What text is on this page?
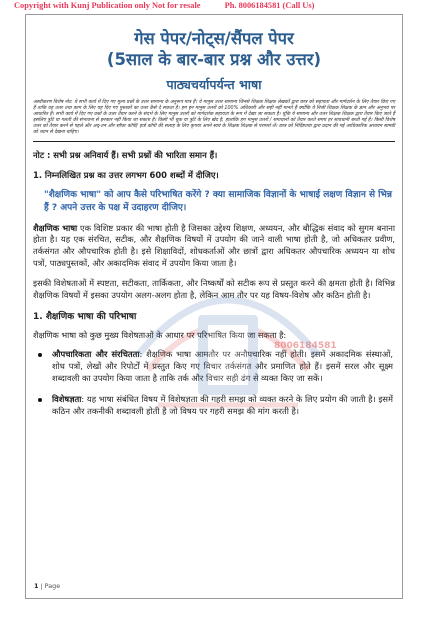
Copyright with Kunj Publication only Not for resale	Ph. 8006184581 (Call Us)
गेस पेपर/नोट्स/सैंपल पेपर
(5साल के बार-बार प्रश्न और उत्तर)
पाठ्यचर्यापर्यन्त भाषा
अस्वीकरण विशेष नोट: ये सभी कार्य में दिए गए मूल्य प्रश्नों के उत्तर सामान्य के अनुरूप मात्र हैं। ये मानुस उत्तर सामान्य जिनसे शिक्षक शिक्षक लेखकों द्वारा छात्र को सहायता और मार्गदर्शन के लिए तैयार किए गए हैं ताकि वह उत्तर तथा काम के लिए यह दिए गए पुस्तकों का उत्तर कैसे दे सकता है। हम इन मानुस उत्तरों को 100% अधिकारी और सही नहीं मानते हैं क्योंकि ये निजी शिक्षक शिक्षक के ज्ञान और अनुभव पर आधारित हैं। सभी कार्य में दिए गए प्रश्नों के उत्तर तैयार करने के संदर्भ के लिए मानुस उत्तरों को मार्गदर्शक सहायता के रूप में देखा जा सकता है। चूंकि ये सामान्य और उत्तर शिक्षक शिक्षक द्वारा तैयार किए जाते हैं इसलिए त्रुटि या गलती की संभावना से इनकार नहीं किया जा सकता है। किसी भी चूक या त्रुटि के लिए खेद है, हालांकि हम मानुस उत्तरों / समाधानों को तैयार करते समय हर सावधानी बरती गई है। किसी विशेष उत्तर को तैयार करने से पहले और अद्-तन और सॉफ्ट कॉपी/ हार्ड कॉपी की सलाह के लिए कृपया अपने स्वयं के शिक्षक शिक्षक से परामर्श लें। छात्र को निर्दिष्टतया द्वारा प्रदान की गई आधिकारिक अध्ययन सामग्री को ध्यान से देखना चाहिए।
नोट : सभी प्रश्न अनिवार्य हैं। सभी प्रश्नों की भारिता समान हैं।
1. निम्नलिखित प्रश्न का उत्तर लगभग 600 शब्दों में दीजिए।
"शैक्षणिक भाषा" को आप कैसे परिभाषित करेंगे ? क्या सामाजिक विज्ञानों के भाषाई लक्षण विज्ञान से भिन्न हैं ? अपने उत्तर के पक्ष में उदाहरण दीजिए।
शैक्षणिक भाषा एक विशिष्ट प्रकार की भाषा होती है जिसका उद्देश्य शिक्षण, अध्ययन, और बौद्धिक संवाद को सुगम बनाना होता है। यह एक संरचित, सटीक, और शैक्षणिक विषयों में उपयोग की जाने वाली भाषा होती है, जो अधिकतर प्रवीण, तर्कसंगत और औपचारिक होती है। इसे शिक्षाविदों, शोधकर्ताओं और छात्रों द्वारा अधिकतर औपचारिक अध्ययन या शोध पत्रों, पाठ्यपुस्तकों, और अकादमिक संवाद में उपयोग किया जाता है।
इसकी विशेषताओं में स्पष्टता, सटीकता, तार्किकता, और निष्कर्षों को सटीक रूप से प्रस्तुत करने की क्षमता होती है। विभिन्न शैक्षणिक विषयों में इसका उपयोग अलग-अलग होता है, लेकिन आम तौर पर यह विषय-विशेष और कठिन होती है।
1. शैक्षणिक भाषा की परिभाषा
शैक्षणिक भाषा को कुछ मुख्य विशेषताओं के आधार पर परिभाषित किया जा सकता है:
औपचारिकता और संरचितता: शैक्षणिक भाषा आमतौर पर अनौपचारिक नहीं होती। इसमें अकादमिक संस्थाओं, शोध पत्रों, लेखों और रिपोर्टों में प्रस्तुत किए गए विचार तर्कसंगत और प्रमाणित होते हैं। इसमें सरल और सूक्ष्म शब्दावली का उपयोग किया जाता है ताकि तर्क और विचार सही ढंग से व्यक्त किए जा सकें।
विशेषज्ञता: यह भाषा संबंधित विषय में विशेषज्ञता की गहरी समझ को व्यक्त करने के लिए प्रयोग की जाती है। इसमें कठिन और तकनीकी शब्दावली होती है जो विषय पर गहरी समझ की मांग करती है।
1 | Page
8006184581
